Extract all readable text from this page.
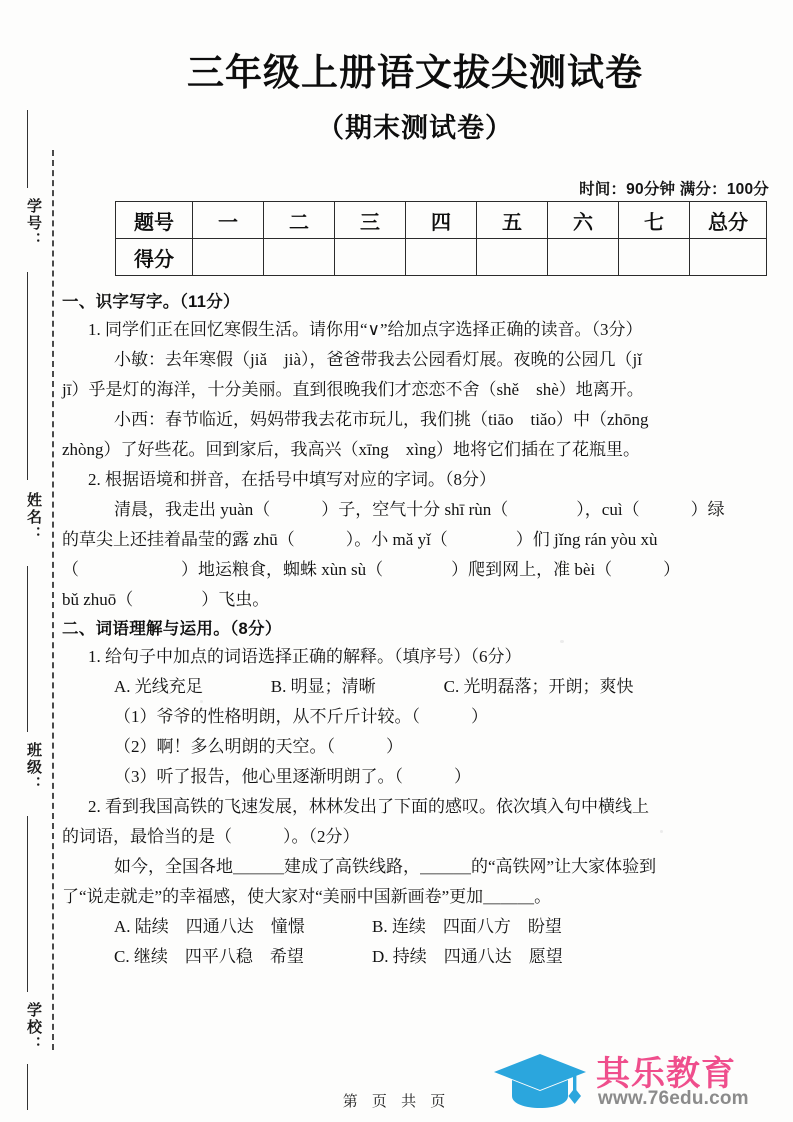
学号：
姓名：
班级：
学校：
三年级上册语文拔尖测试卷
（期末测试卷）
时间：90分钟 满分：100分
题号	一	二	三	四	五	六	七	总分
得分								

一、识字写字。（11分）

1. 同学们正在回忆寒假生活。请你用“∨”给加点字选择正确的读音。（3分）

小敏：去年寒假（jiǎ　jià），爸爸带我去公园看灯展。夜晚的公园几（jǐ

jī）乎是灯的海洋，十分美丽。直到很晚我们才恋恋不舍（shě　shè）地离开。

小西：春节临近，妈妈带我去花市玩儿，我们挑（tiāo　tiǎo）中（zhōng

zhòng）了好些花。回到家后，我高兴（xīng　xìng）地将它们插在了花瓶里。

2. 根据语境和拼音，在括号中填写对应的字词。（8分）

清晨，我走出 yuàn（　　　）子，空气十分 shī rùn（　　　　），cuì（　　　）绿

的草尖上还挂着晶莹的露 zhū（　　　）。小 mǎ yǐ（　　　　）们 jǐng rán yòu xù

（　　　　　　）地运粮食，蜘蛛 xùn sù（　　　　）爬到网上，准 bèi（　　　）

bǔ zhuō（　　　　）飞虫。

二、词语理解与运用。（8分）

1. 给句子中加点的词语选择正确的解释。（填序号）（6分）

A. 光线充足　　　　B. 明显；清晰　　　　C. 光明磊落；开朗；爽快

（1）爷爷的性格明朗，从不斤斤计较。（　　　）

（2）啊！多么明朗的天空。（　　　）

（3）听了报告，他心里逐渐明朗了。（　　　）

2. 看到我国高铁的飞速发展，林林发出了下面的感叹。依次填入句中横线上

的词语，最恰当的是（　　　）。（2分）

如今，全国各地＿＿＿建成了高铁线路，＿＿＿的“高铁网”让大家体验到

了“说走就走”的幸福感，使大家对“美丽中国新画卷”更加＿＿＿。

A. 陆续　四通八达　憧憬	B. 连续　四面八方　盼望

C. 继续　四平八稳　希望	D. 持续　四通八达　愿望

第 页 共 页
其乐教育
www.76edu.com
